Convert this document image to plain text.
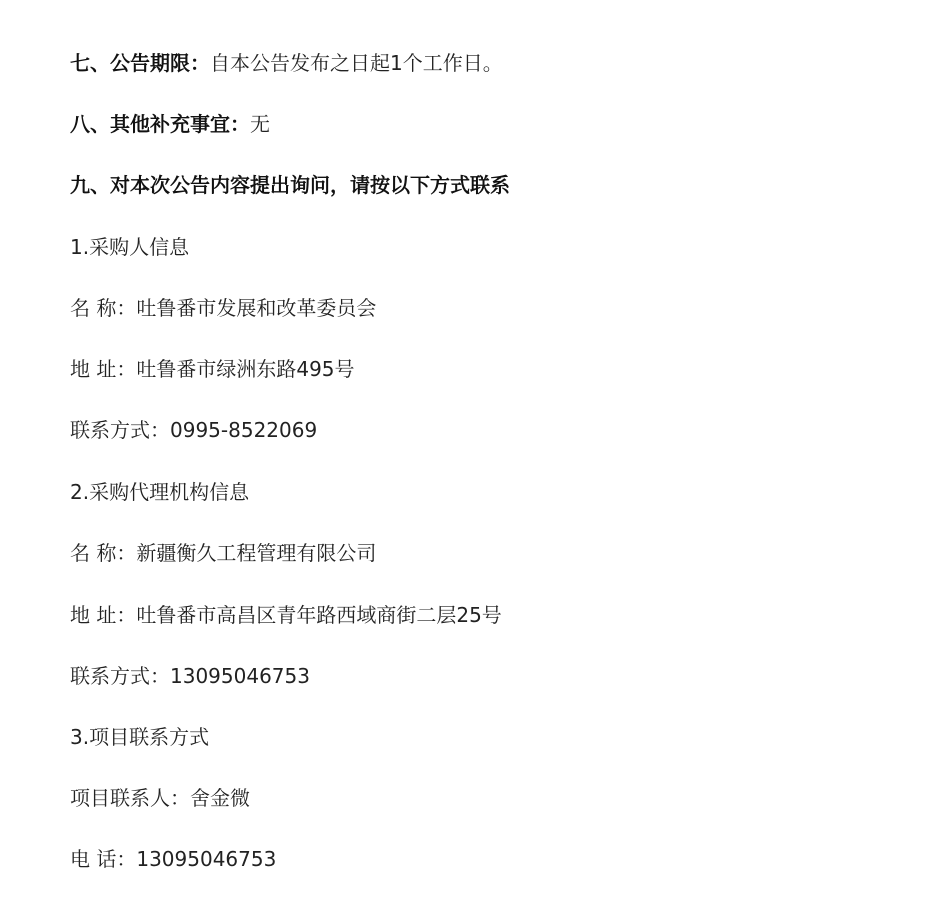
七、公告期限：自本公告发布之日起1个工作日。
八、其他补充事宜：无
九、对本次公告内容提出询问，请按以下方式联系
1.采购人信息
名 称：吐鲁番市发展和改革委员会
地 址：吐鲁番市绿洲东路495号
联系方式：0995-8522069
2.采购代理机构信息
名 称：新疆衡久工程管理有限公司
地 址：吐鲁番市高昌区青年路西域商街二层25号
联系方式：13095046753
3.项目联系方式
项目联系人：舍金微
电 话：13095046753
